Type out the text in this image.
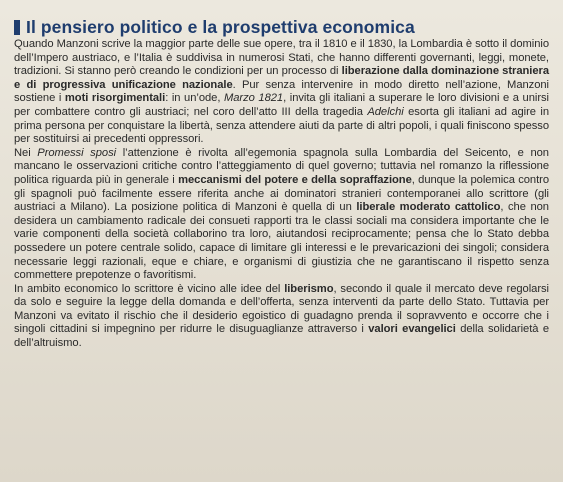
Il pensiero politico e la prospettiva economica

Quando Manzoni scrive la maggior parte delle sue opere, tra il 1810 e il 1830, la Lombardia è sotto il dominio dell’Impero austriaco, e l’Italia è suddivisa in numerosi Stati, che hanno differenti governanti, leggi, monete, tradizioni. Si stanno però creando le condizioni per un processo di liberazione dalla dominazione straniera e di progressiva unificazione nazionale. Pur senza intervenire in modo diretto nell’azione, Manzoni sostiene i moti risorgimentali: in un’ode, Marzo 1821, invita gli italiani a superare le loro divisioni e a unirsi per combattere contro gli austriaci; nel coro dell’atto III della tragedia Adelchi esorta gli italiani ad agire in prima persona per conquistare la libertà, senza attendere aiuti da parte di altri popoli, i quali finiscono spesso per sostituirsi ai precedenti oppressori.

Nei Promessi sposi l’attenzione è rivolta all’egemonia spagnola sulla Lombardia del Seicento, e non mancano le osservazioni critiche contro l’atteggiamento di quel governo; tuttavia nel romanzo la riflessione politica riguarda più in generale i meccanismi del potere e della sopraffazione, dunque la polemica contro gli spagnoli può facilmente essere riferita anche ai dominatori stranieri contemporanei allo scrittore (gli austriaci a Milano). La posizione politica di Manzoni è quella di un liberale moderato cattolico, che non desidera un cambiamento radicale dei consueti rapporti tra le classi sociali ma considera importante che le varie componenti della società collaborino tra loro, aiutandosi reciprocamente; pensa che lo Stato debba possedere un potere centrale solido, capace di limitare gli interessi e le prevaricazioni dei singoli; considera necessarie leggi razionali, eque e chiare, e organismi di giustizia che ne garantiscano il rispetto senza commettere prepotenze o favoritismi.

In ambito economico lo scrittore è vicino alle idee del liberismo, secondo il quale il mercato deve regolarsi da solo e seguire la legge della domanda e dell’offerta, senza interventi da parte dello Stato. Tuttavia per Manzoni va evitato il rischio che il desiderio egoistico di guadagno prenda il sopravvento e occorre che i singoli cittadini si impegnino per ridurre le disuguaglianze attraverso i valori evangelici della solidarietà e dell’altruismo.
